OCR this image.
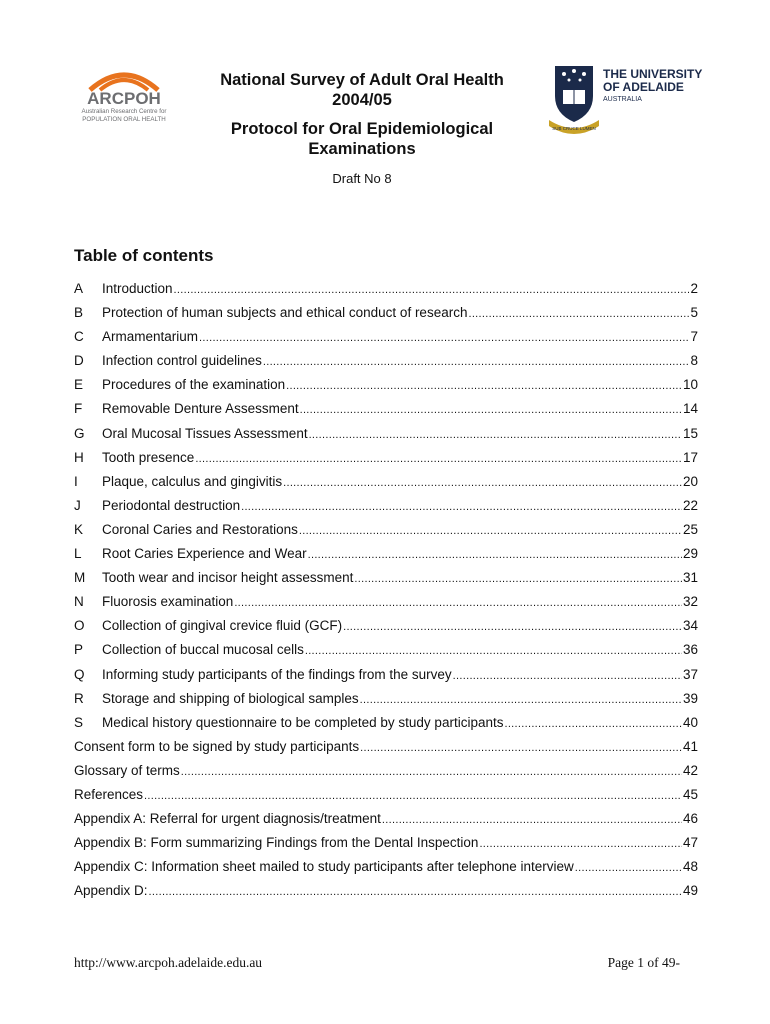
ARCPOH
Australian Research Centre for
POPULATION ORAL HEALTH
National Survey of Adult Oral Health
2004/05
Protocol for Oral Epidemiological
Examinations
Draft No 8
SUB CRUCE LUMEN
THE UNIVERSITY
OF ADELAIDE
AUSTRALIA
Table of contents
A	Introduction .....	2
B	Protection of human subjects and ethical conduct of research .....	5
C	Armamentarium .....	7
D	Infection control guidelines .....	8
E	Procedures of the examination .....	10
F	Removable Denture Assessment .....	14
G	Oral Mucosal Tissues Assessment .....	15
H	Tooth presence .....	17
I	Plaque, calculus and gingivitis .....	20
J	Periodontal destruction .....	22
K	Coronal Caries and Restorations .....	25
L	Root Caries Experience and Wear .....	29
M	Tooth wear and incisor height assessment .....	31
N	Fluorosis examination .....	32
O	Collection of gingival crevice fluid (GCF) .....	34
P	Collection of buccal mucosal cells .....	36
Q	Informing study participants of the findings from the survey .....	37
R	Storage and shipping of biological samples .....	39
S	Medical history questionnaire to be completed by study participants .....	40
Consent form to be signed by study participants .....	41
Glossary of terms .....	42
References .....	45
Appendix A: Referral for urgent diagnosis/treatment .....	46
Appendix B: Form summarizing Findings from the Dental Inspection .....	47
Appendix C: Information sheet mailed to study participants after telephone interview .....	48
Appendix D: .....	49
http://www.arcpoh.adelaide.edu.au	Page 1 of 49-
